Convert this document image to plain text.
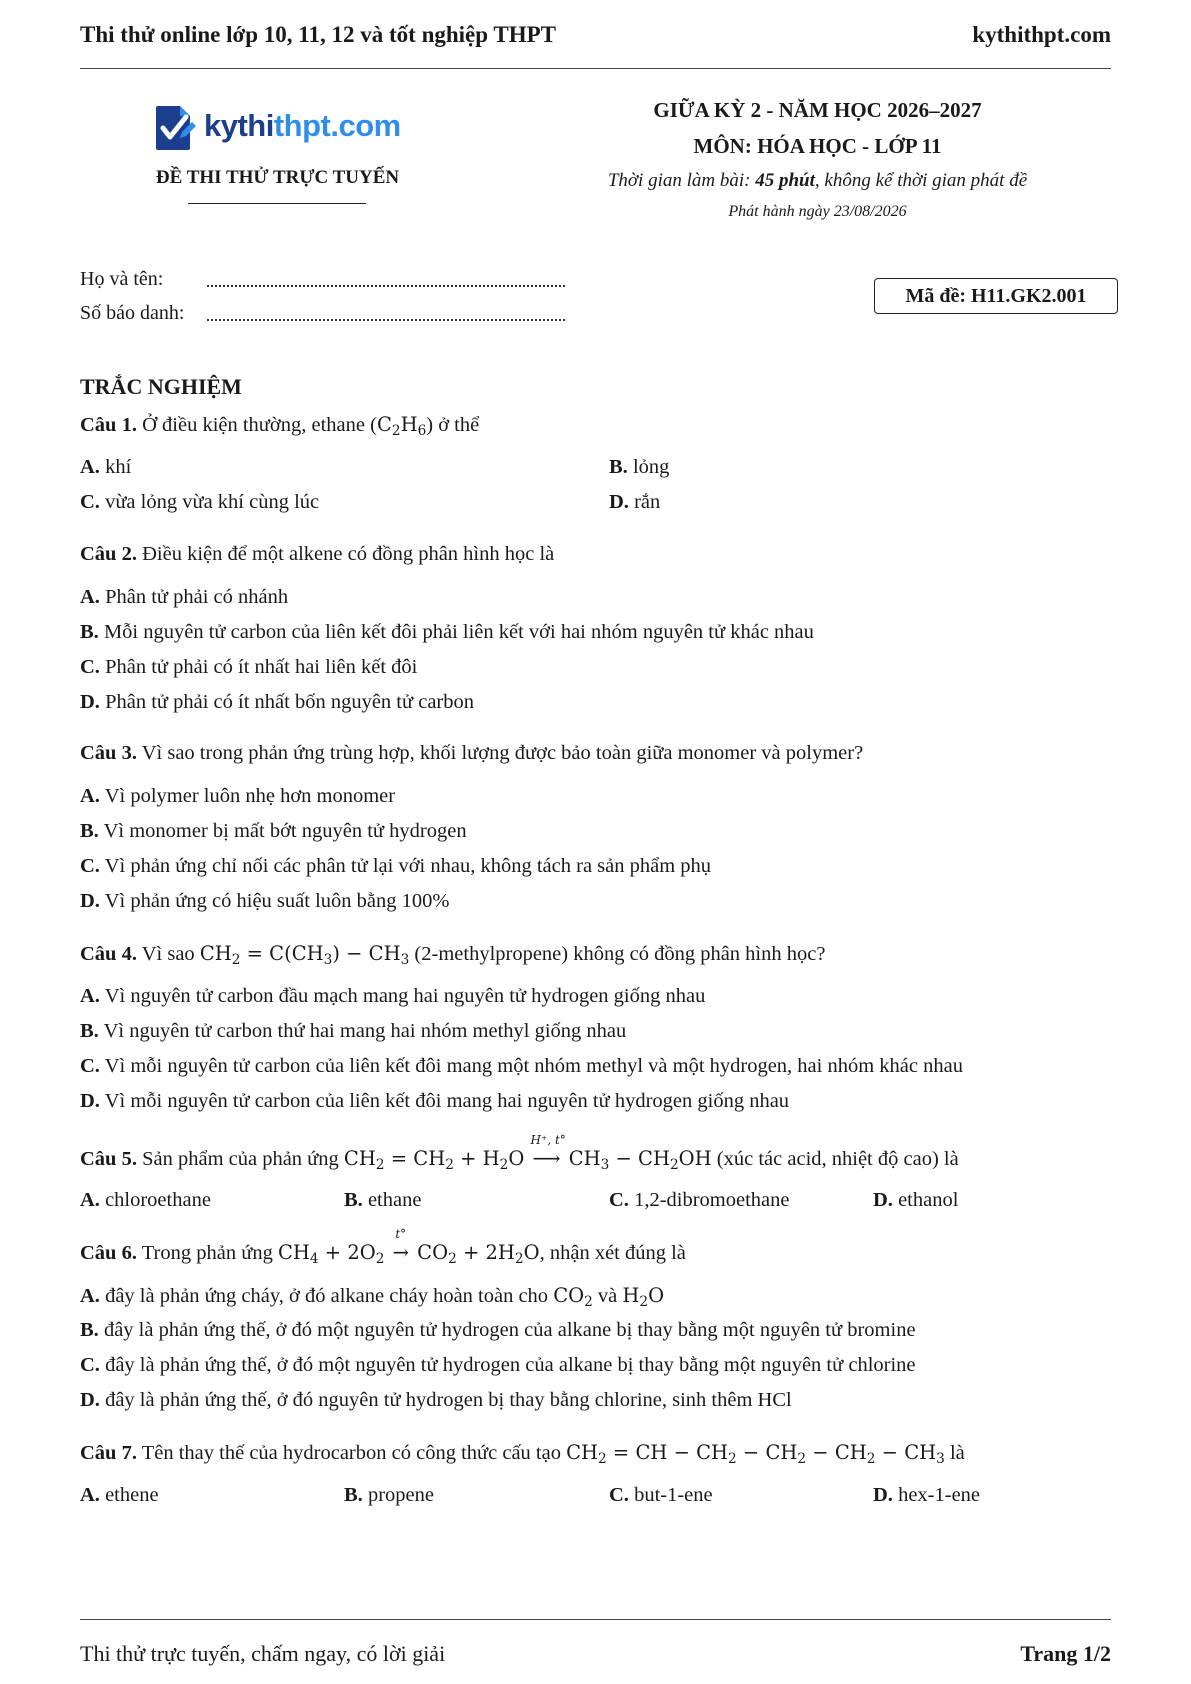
Thi thử online lớp 10, 11, 12 và tốt nghiệp THPT	kythithpt.com
kythithpt.com
ĐỀ THI THỬ TRỰC TUYẾN
GIỮA KỲ 2 - NĂM HỌC 2026–2027
MÔN: HÓA HỌC - LỚP 11
Thời gian làm bài: 45 phút, không kể thời gian phát đề
Phát hành ngày 23/08/2026
Họ và tên:
Số báo danh:
Mã đề: H11.GK2.001
TRẮC NGHIỆM
Câu 1. Ở điều kiện thường, ethane $(C_2H_6)$ ở thể
A. khí	B. lỏng
C. vừa lỏng vừa khí cùng lúc	D. rắn
Câu 2. Điều kiện để một alkene có đồng phân hình học là
A. Phân tử phải có nhánh
B. Mỗi nguyên tử carbon của liên kết đôi phải liên kết với hai nhóm nguyên tử khác nhau
C. Phân tử phải có ít nhất hai liên kết đôi
D. Phân tử phải có ít nhất bốn nguyên tử carbon
Câu 3. Vì sao trong phản ứng trùng hợp, khối lượng được bảo toàn giữa monomer và polymer?
A. Vì polymer luôn nhẹ hơn monomer
B. Vì monomer bị mất bớt nguyên tử hydrogen
C. Vì phản ứng chỉ nối các phân tử lại với nhau, không tách ra sản phẩm phụ
D. Vì phản ứng có hiệu suất luôn bằng 100%
Câu 4. Vì sao $CH_2 = C(CH_3) - CH_3$ (2-methylpropene) không có đồng phân hình học?
A. Vì nguyên tử carbon đầu mạch mang hai nguyên tử hydrogen giống nhau
B. Vì nguyên tử carbon thứ hai mang hai nhóm methyl giống nhau
C. Vì mỗi nguyên tử carbon của liên kết đôi mang một nhóm methyl và một hydrogen, hai nhóm khác nhau
D. Vì mỗi nguyên tử carbon của liên kết đôi mang hai nguyên tử hydrogen giống nhau
Câu 5. Sản phẩm của phản ứng $CH_2 = CH_2 + H_2O$
H⁺, t°
⟶ $CH_3 - CH_2OH$ (xúc tác acid, nhiệt độ cao) là
A. chloroethane	B. ethane	C. 1,2-dibromoethane	D. ethanol
Câu 6. Trong phản ứng $CH_4 + 2O_2$
t°
→ $CO_2 + 2H_2O$, nhận xét đúng là
A. đây là phản ứng cháy, ở đó alkane cháy hoàn toàn cho $CO_2$ và $H_2O$
B. đây là phản ứng thế, ở đó một nguyên tử hydrogen của alkane bị thay bằng một nguyên tử bromine
C. đây là phản ứng thế, ở đó một nguyên tử hydrogen của alkane bị thay bằng một nguyên tử chlorine
D. đây là phản ứng thế, ở đó nguyên tử hydrogen bị thay bằng chlorine, sinh thêm HCl
Câu 7. Tên thay thế của hydrocarbon có công thức cấu tạo $CH_2$ = CH − $CH_2 - CH_2 - CH_2 - CH_3$ là
A. ethene	B. propene	C. but-1-ene	D. hex-1-ene
Thi thử trực tuyến, chấm ngay, có lời giải	Trang 1/2
